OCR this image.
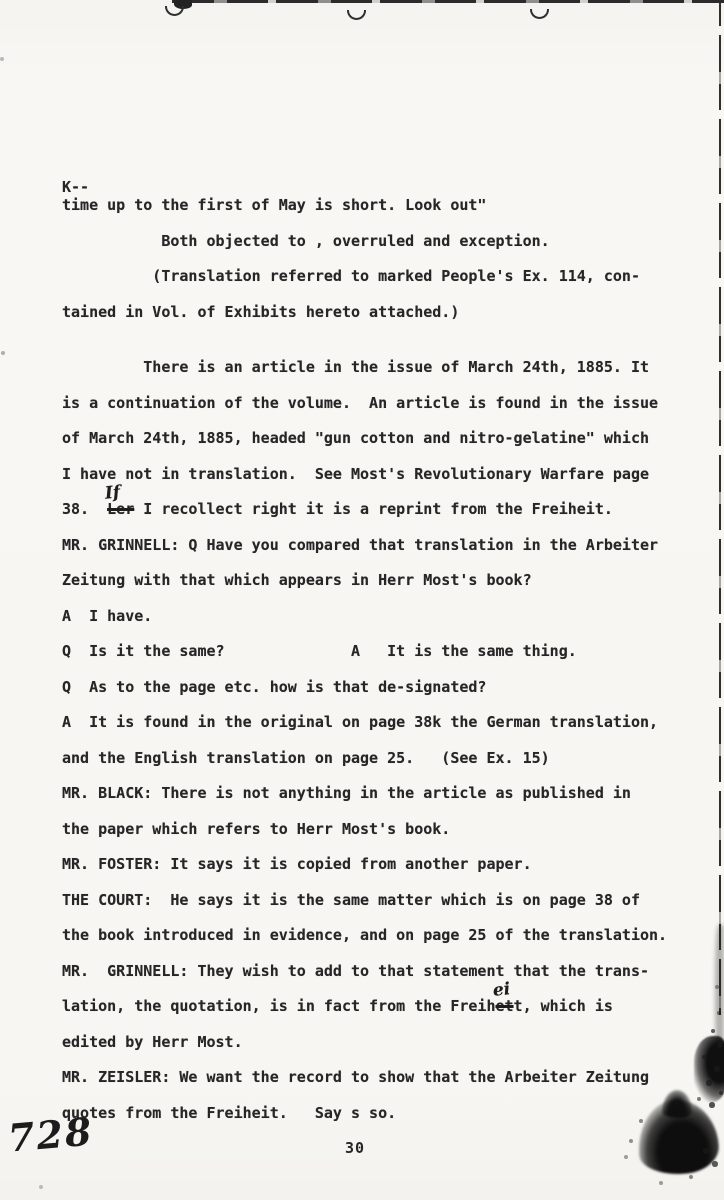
K--
time up to the first of May is short. Look out"
Both objected to , overruled and exception.
(Translation referred to marked People's Ex. 114, con-
tained in Vol. of Exhibits hereto attached.)
There is an article in the issue of March 24th, 1885. It
is a continuation of the volume.  An article is found in the issue
of March 24th, 1885, headed "gun cotton and nitro-gelatine" which
I have not in translation.  See Most's Revolutionary Warfare page
38.  Ler
If
I recollect right it is a reprint from the Freiheit.
MR. GRINNELL: Q Have you compared that translation in the Arbeiter
Zeitung with that which appears in Herr Most's book?
A  I have.
Q  Is it the same?              A   It is the same thing.
Q  As to the page etc. how is that de-signated?
A  It is found in the original on page 38k the German translation,
and the English translation on page 25.   (See Ex. 15)
MR. BLACK: There is not anything in the article as published in
the paper which refers to Herr Most's book.
MR. FOSTER: It says it is copied from another paper.
THE COURT:  He says it is the same matter which is on page 38 of
the book introduced in evidence, and on page 25 of the translation.
MR.  GRINNELL: They wish to add to that statement that the trans-
lation, the quotation, is in fact from the Freihet
ei
t, which is
edited by Herr Most.
MR. ZEISLER: We want the record to show that the Arbeiter Zeitung
quotes from the Freiheit.   Say s so.
728	30
